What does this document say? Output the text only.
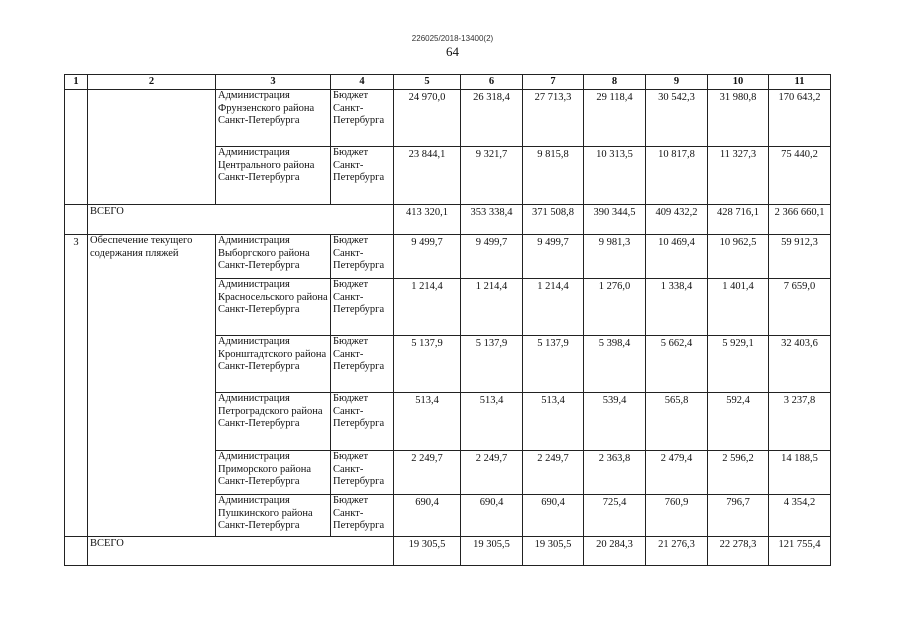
226025/2018-13400(2)
64
1	2	3	4	5	6	7	8	9	10	11
		Администрация Фрунзенского района Санкт-Петербурга	Бюджет Санкт-Петербурга	24 970,0	26 318,4	27 713,3	29 118,4	30 542,3	31 980,8	170 643,2
		Администрация Центрального района Санкт-Петербурга	Бюджет Санкт-Петербурга	23 844,1	9 321,7	9 815,8	10 313,5	10 817,8	11 327,3	75 440,2
	ВСЕГО			413 320,1	353 338,4	371 508,8	390 344,5	409 432,2	428 716,1	2 366 660,1
3	Обеспечение текущего содержания пляжей	Администрация Выборгского района Санкт-Петербурга	Бюджет Санкт-Петербурга	9 499,7	9 499,7	9 499,7	9 981,3	10 469,4	10 962,5	59 912,3
		Администрация Красносельского района Санкт-Петербурга	Бюджет Санкт-Петербурга	1 214,4	1 214,4	1 214,4	1 276,0	1 338,4	1 401,4	7 659,0
		Администрация Кронштадтского района Санкт-Петербурга	Бюджет Санкт-Петербурга	5 137,9	5 137,9	5 137,9	5 398,4	5 662,4	5 929,1	32 403,6
		Администрация Петроградского района Санкт-Петербурга	Бюджет Санкт-Петербурга	513,4	513,4	513,4	539,4	565,8	592,4	3 237,8
		Администрация Приморского района Санкт-Петербурга	Бюджет Санкт-Петербурга	2 249,7	2 249,7	2 249,7	2 363,8	2 479,4	2 596,2	14 188,5
		Администрация Пушкинского района Санкт-Петербурга	Бюджет Санкт-Петербурга	690,4	690,4	690,4	725,4	760,9	796,7	4 354,2
	ВСЕГО			19 305,5	19 305,5	19 305,5	20 284,3	21 276,3	22 278,3	121 755,4
